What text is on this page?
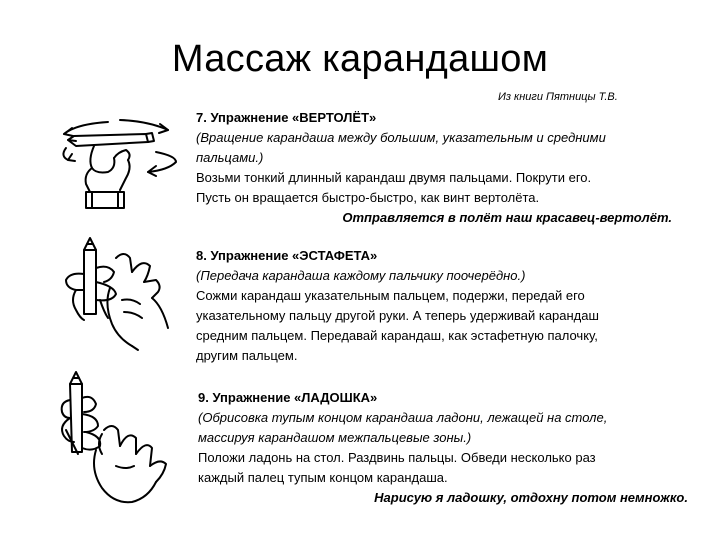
Массаж карандашом
Из книги Пятницы Т.В.

7. Упражнение «ВЕРТОЛЁТ»

(Вращение карандаша между большим, указательным и средними

пальцами.)

Возьми тонкий длинный карандаш двумя пальцами. Покрути его.

Пусть он вращается быстро-быстро, как винт вертолёта.

Отправляется в полёт наш красавец-вертолёт.

8. Упражнение «ЭСТАФЕТА»

(Передача карандаша каждому пальчику поочерёдно.)

Сожми карандаш указательным пальцем, подержи, передай его

указательному пальцу другой руки. А теперь удерживай карандаш

средним пальцем. Передавай карандаш, как эстафетную палочку,

другим пальцем.

9. Упражнение «ЛАДОШКА»

(Обрисовка тупым концом карандаша ладони, лежащей на столе,

массируя карандашом межпальцевые зоны.)

Положи ладонь на стол. Раздвинь пальцы. Обведи несколько раз

каждый палец тупым концом карандаша.

Нарисую я ладошку, отдохну потом немножко.
